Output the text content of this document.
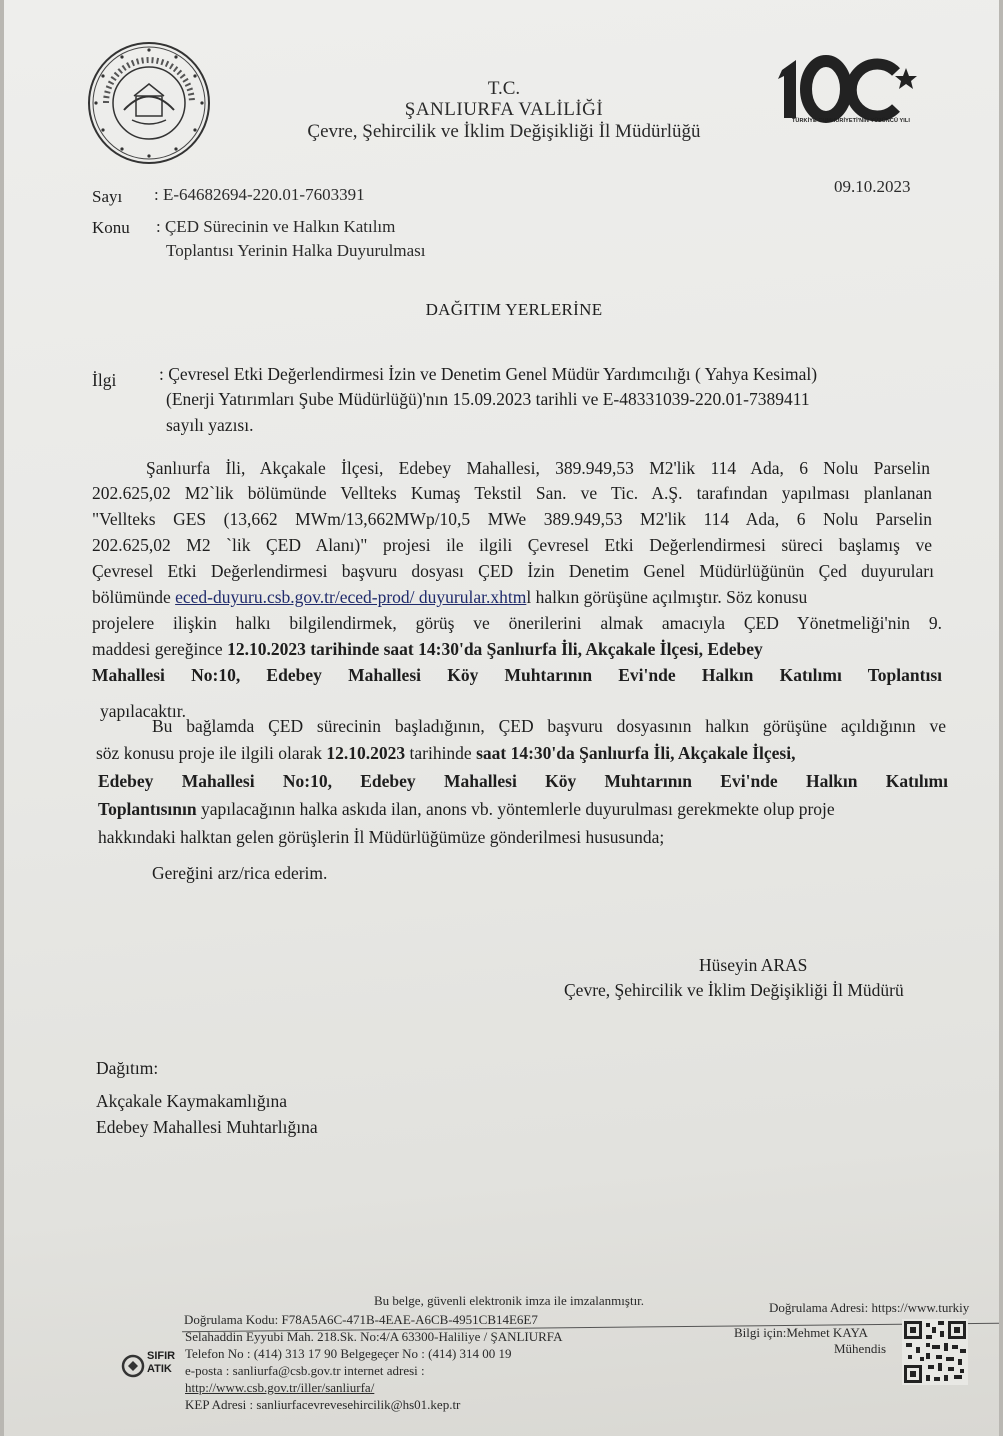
T.C.
ŞANLIURFA VALİLİĞİ
Çevre, Şehircilik ve İklim Değişikliği İl Müdürlüğü	TÜRKİYE CUMHURİYETİ'NİN YÜZÜNCÜ YILI
Sayı : E-64682694-220.01-7603391	09.10.2023
Konu : ÇED Sürecinin ve Halkın Katılım
Toplantısı Yerinin Halka Duyurulması
DAĞITIM YERLERİNE
İlgi : Çevresel Etki Değerlendirmesi İzin ve Denetim Genel Müdür Yardımcılığı ( Yahya Kesimal)
(Enerji Yatırımları Şube Müdürlüğü)'nın 15.09.2023 tarihli ve E-48331039-220.01-7389411
sayılı yazısı.
Şanlıurfa İli, Akçakale İlçesi, Edebey Mahallesi, 389.949,53 M2'lik 114 Ada, 6 Nolu Parselin
202.625,02 M2`lik bölümünde Vellteks Kumaş Tekstil San. ve Tic. A.Ş. tarafından yapılması planlanan
"Vellteks GES (13,662 MWm/13,662MWp/10,5 MWe 389.949,53 M2'lik 114 Ada, 6 Nolu Parselin
202.625,02 M2 `lik ÇED Alanı)" projesi ile ilgili Çevresel Etki Değerlendirmesi süreci başlamış ve
Çevresel Etki Değerlendirmesi başvuru dosyası ÇED İzin Denetim Genel Müdürlüğünün Çed duyuruları
bölümünde eced-duyuru.csb.gov.tr/eced-prod/ duyurular.xhtml halkın görüşüne açılmıştır. Söz konusu
projelere ilişkin halkı bilgilendirmek, görüş ve önerilerini almak amacıyla ÇED Yönetmeliği'nin 9.
maddesi gereğince 12.10.2023 tarihinde saat 14:30'da Şanlıurfa İli, Akçakale İlçesi, Edebey
Mahallesi No:10, Edebey Mahallesi Köy Muhtarının Evi'nde Halkın Katılımı Toplantısı
yapılacaktır.
Bu bağlamda ÇED sürecinin başladığının, ÇED başvuru dosyasının halkın görüşüne açıldığının ve
söz konusu proje ile ilgili olarak 12.10.2023 tarihinde saat 14:30'da Şanlıurfa İli, Akçakale İlçesi,
Edebey Mahallesi No:10, Edebey Mahallesi Köy Muhtarının Evi'nde Halkın Katılımı
Toplantısının yapılacağının halka askıda ilan, anons vb. yöntemlerle duyurulması gerekmekte olup proje
hakkındaki halktan gelen görüşlerin İl Müdürlüğümüze gönderilmesi hususunda;
Gereğini arz/rica ederim.
Hüseyin ARAS
Çevre, Şehircilik ve İklim Değişikliği İl Müdürü
Dağıtım:
Akçakale Kaymakamlığına
Edebey Mahallesi Muhtarlığına
Bu belge, güvenli elektronik imza ile imzalanmıştır.
Doğrulama Kodu: F78A5A6C-471B-4EAE-A6CB-4951CB14E6E7
Doğrulama Adresi: https://www.turkiy
Selahaddin Eyyubi Mah. 218.Sk. No:4/A 63300-Haliliye / ŞANLIURFA
Telefon No : (414) 313 17 90 Belgegeçer No : (414) 314 00 19
e-posta : sanliurfa@csb.gov.tr internet adresi :
http://www.csb.gov.tr/iller/sanliurfa/
KEP Adresi : sanliurfacevrevesehircilik@hs01.kep.tr
Bilgi için:Mehmet KAYA
Mühendis
SIFIR
ATIK
